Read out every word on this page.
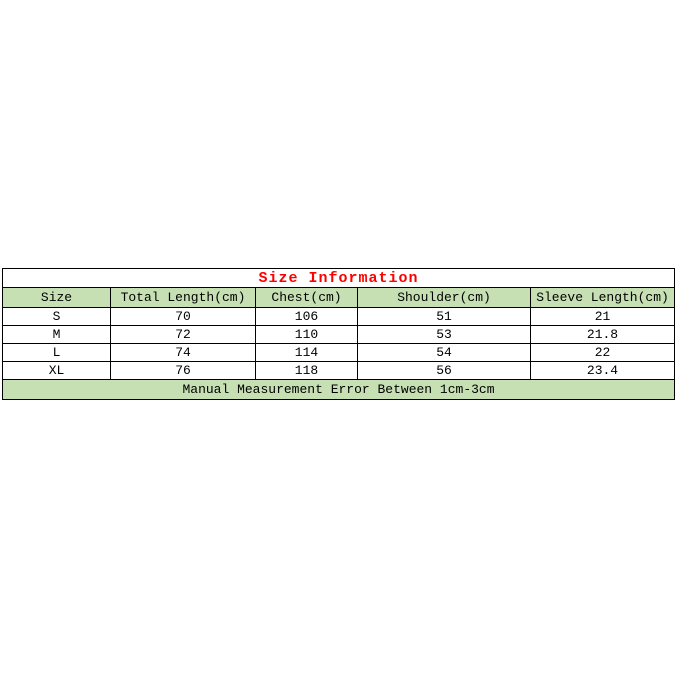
Size Information				
Size	Total Length(cm)	Chest(cm)	Shoulder(cm)	Sleeve Length(cm)
S	70	106	51	21
M	72	110	53	21.8
L	74	114	54	22
XL	76	118	56	23.4
Manual Measurement Error Between 1cm-3cm				
